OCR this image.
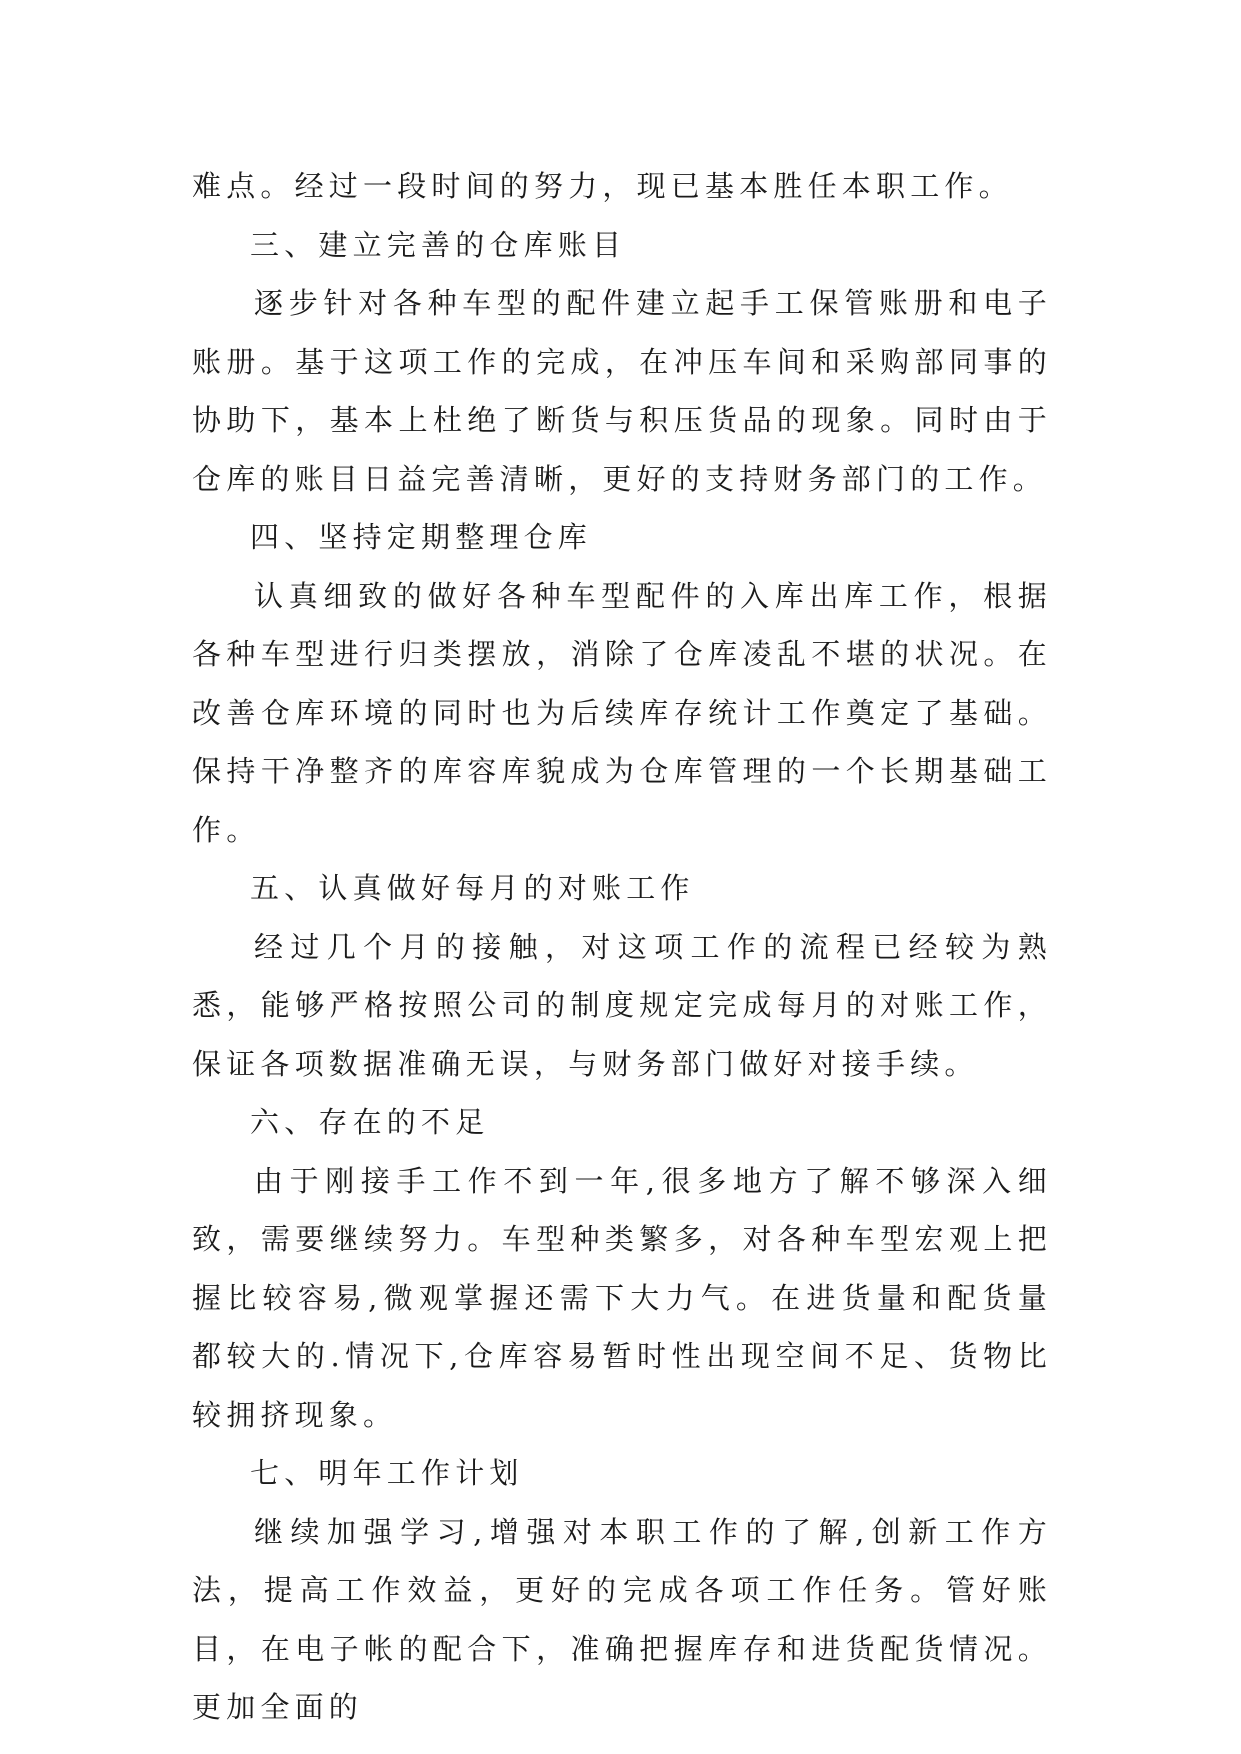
难点。经过一段时间的努力，现已基本胜任本职工作。

三、建立完善的仓库账目

逐步针对各种车型的配件建立起手工保管账册和电子账册。基于这项工作的完成，在冲压车间和采购部同事的协助下，基本上杜绝了断货与积压货品的现象。同时由于仓库的账目日益完善清晰，更好的支持财务部门的工作。

四、坚持定期整理仓库

认真细致的做好各种车型配件的入库出库工作，根据各种车型进行归类摆放，消除了仓库凌乱不堪的状况。在改善仓库环境的同时也为后续库存统计工作奠定了基础。保持干净整齐的库容库貌成为仓库管理的一个长期基础工作。

五、认真做好每月的对账工作

经过几个月的接触，对这项工作的流程已经较为熟悉，能够严格按照公司的制度规定完成每月的对账工作，保证各项数据准确无误，与财务部门做好对接手续。

六、存在的不足

由于刚接手工作不到一年,很多地方了解不够深入细致，需要继续努力。车型种类繁多，对各种车型宏观上把握比较容易,微观掌握还需下大力气。在进货量和配货量都较大的.情况下,仓库容易暂时性出现空间不足、货物比较拥挤现象。

七、明年工作计划

继续加强学习,增强对本职工作的了解,创新工作方法，提高工作效益，更好的完成各项工作任务。管好账目，在电子帐的配合下，准确把握库存和进货配货情况。更加全面的
